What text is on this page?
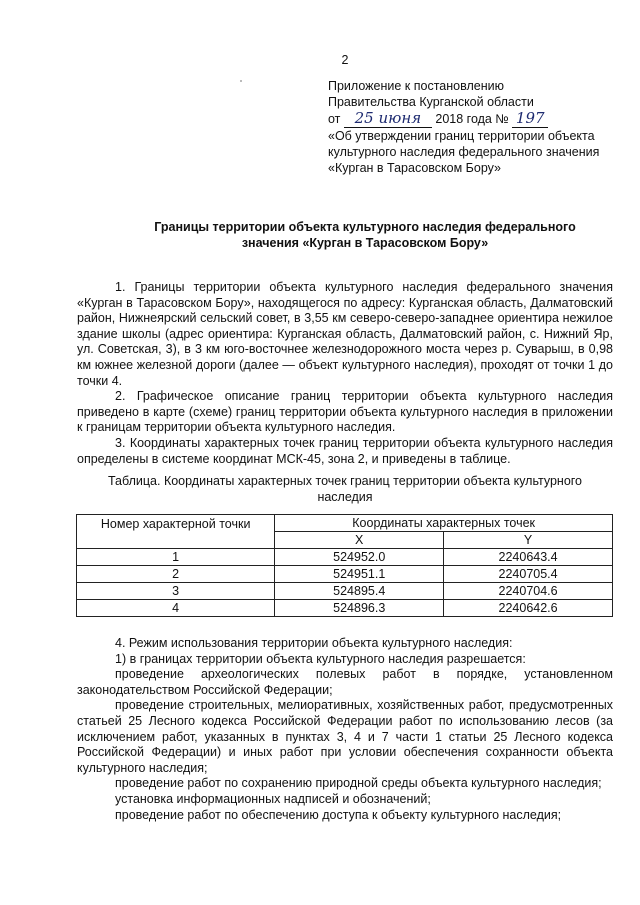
2
Приложение к постановлению
Правительства Курганской области
от 25 июня 2018 года № 197
«Об утверждении границ территории объекта
культурного наследия федерального значения
«Курган в Тарасовском Бору»
Границы территории объекта культурного наследия федерального
значения «Курган в Тарасовском Бору»

1. Границы территории объекта культурного наследия федерального значения «Курган в Тарасовском Бору», находящегося по адресу: Курганская область, Далматовский район, Нижнеярский сельский совет, в 3,55 км северо-северо-западнее ориентира нежилое здание школы (адрес ориентира: Курганская область, Далматовский район, с. Нижний Яр, ул. Советская, 3), в 3 км юго-восточнее железнодорожного моста через р. Суварыш, в 0,98 км южнее железной дороги (далее — объект культурного наследия), проходят от точки 1 до точки 4.

2. Графическое описание границ территории объекта культурного наследия приведено в карте (схеме) границ территории объекта культурного наследия в приложении к границам территории объекта культурного наследия.

3. Координаты характерных точек границ территории объекта культурного наследия определены в системе координат МСК-45, зона 2, и приведены в таблице.

Таблица. Координаты характерных точек границ территории объекта культурного наследия
Номер характерной точки	Координаты характерных точек	
	X	Y
1	524952.0	2240643.4
2	524951.1	2240705.4
3	524895.4	2240704.6
4	524896.3	2240642.6

4. Режим использования территории объекта культурного наследия:

1) в границах территории объекта культурного наследия разрешается:

проведение археологических полевых работ в порядке, установленном законодательством Российской Федерации;

проведение строительных, мелиоративных, хозяйственных работ, предусмотренных статьей 25 Лесного кодекса Российской Федерации работ по использованию лесов (за исключением работ, указанных в пунктах 3, 4 и 7 части 1 статьи 25 Лесного кодекса Российской Федерации) и иных работ при условии обеспечения сохранности объекта культурного наследия;

проведение работ по сохранению природной среды объекта культурного наследия;

установка информационных надписей и обозначений;

проведение работ по обеспечению доступа к объекту культурного наследия;
